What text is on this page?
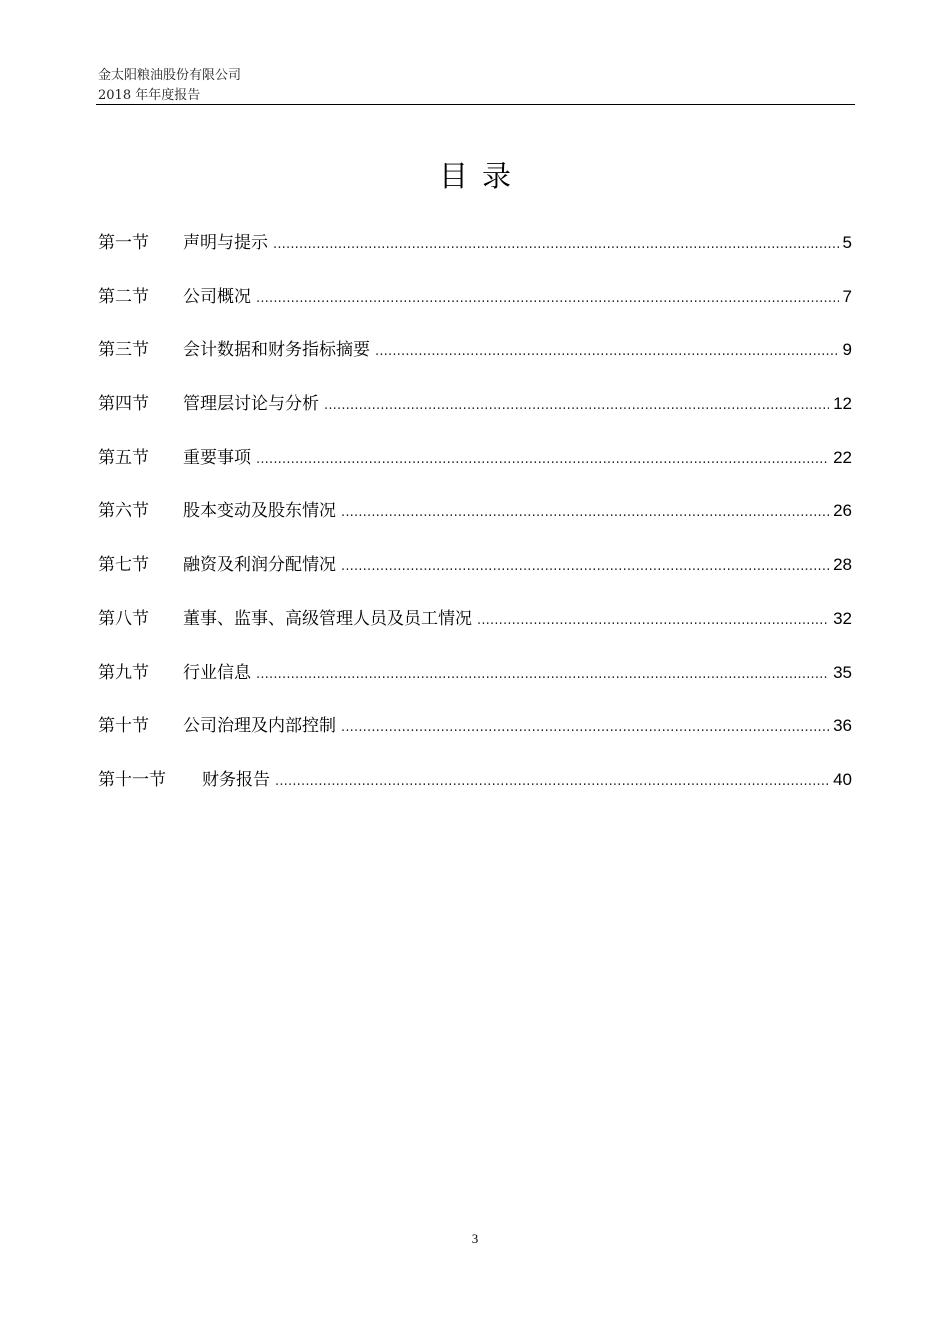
金太阳粮油股份有限公司
2018 年年度报告
目录
第一节	声明与提示 .....	5
第二节	公司概况 .....	7
第三节	会计数据和财务指标摘要 .....	9
第四节	管理层讨论与分析 .....	12
第五节	重要事项 .....	22
第六节	股本变动及股东情况 .....	26
第七节	融资及利润分配情况 .....	28
第八节	董事、监事、高级管理人员及员工情况 .....	32
第九节	行业信息 .....	35
第十节	公司治理及内部控制 .....	36
第十一节	财务报告 .....	40
3
